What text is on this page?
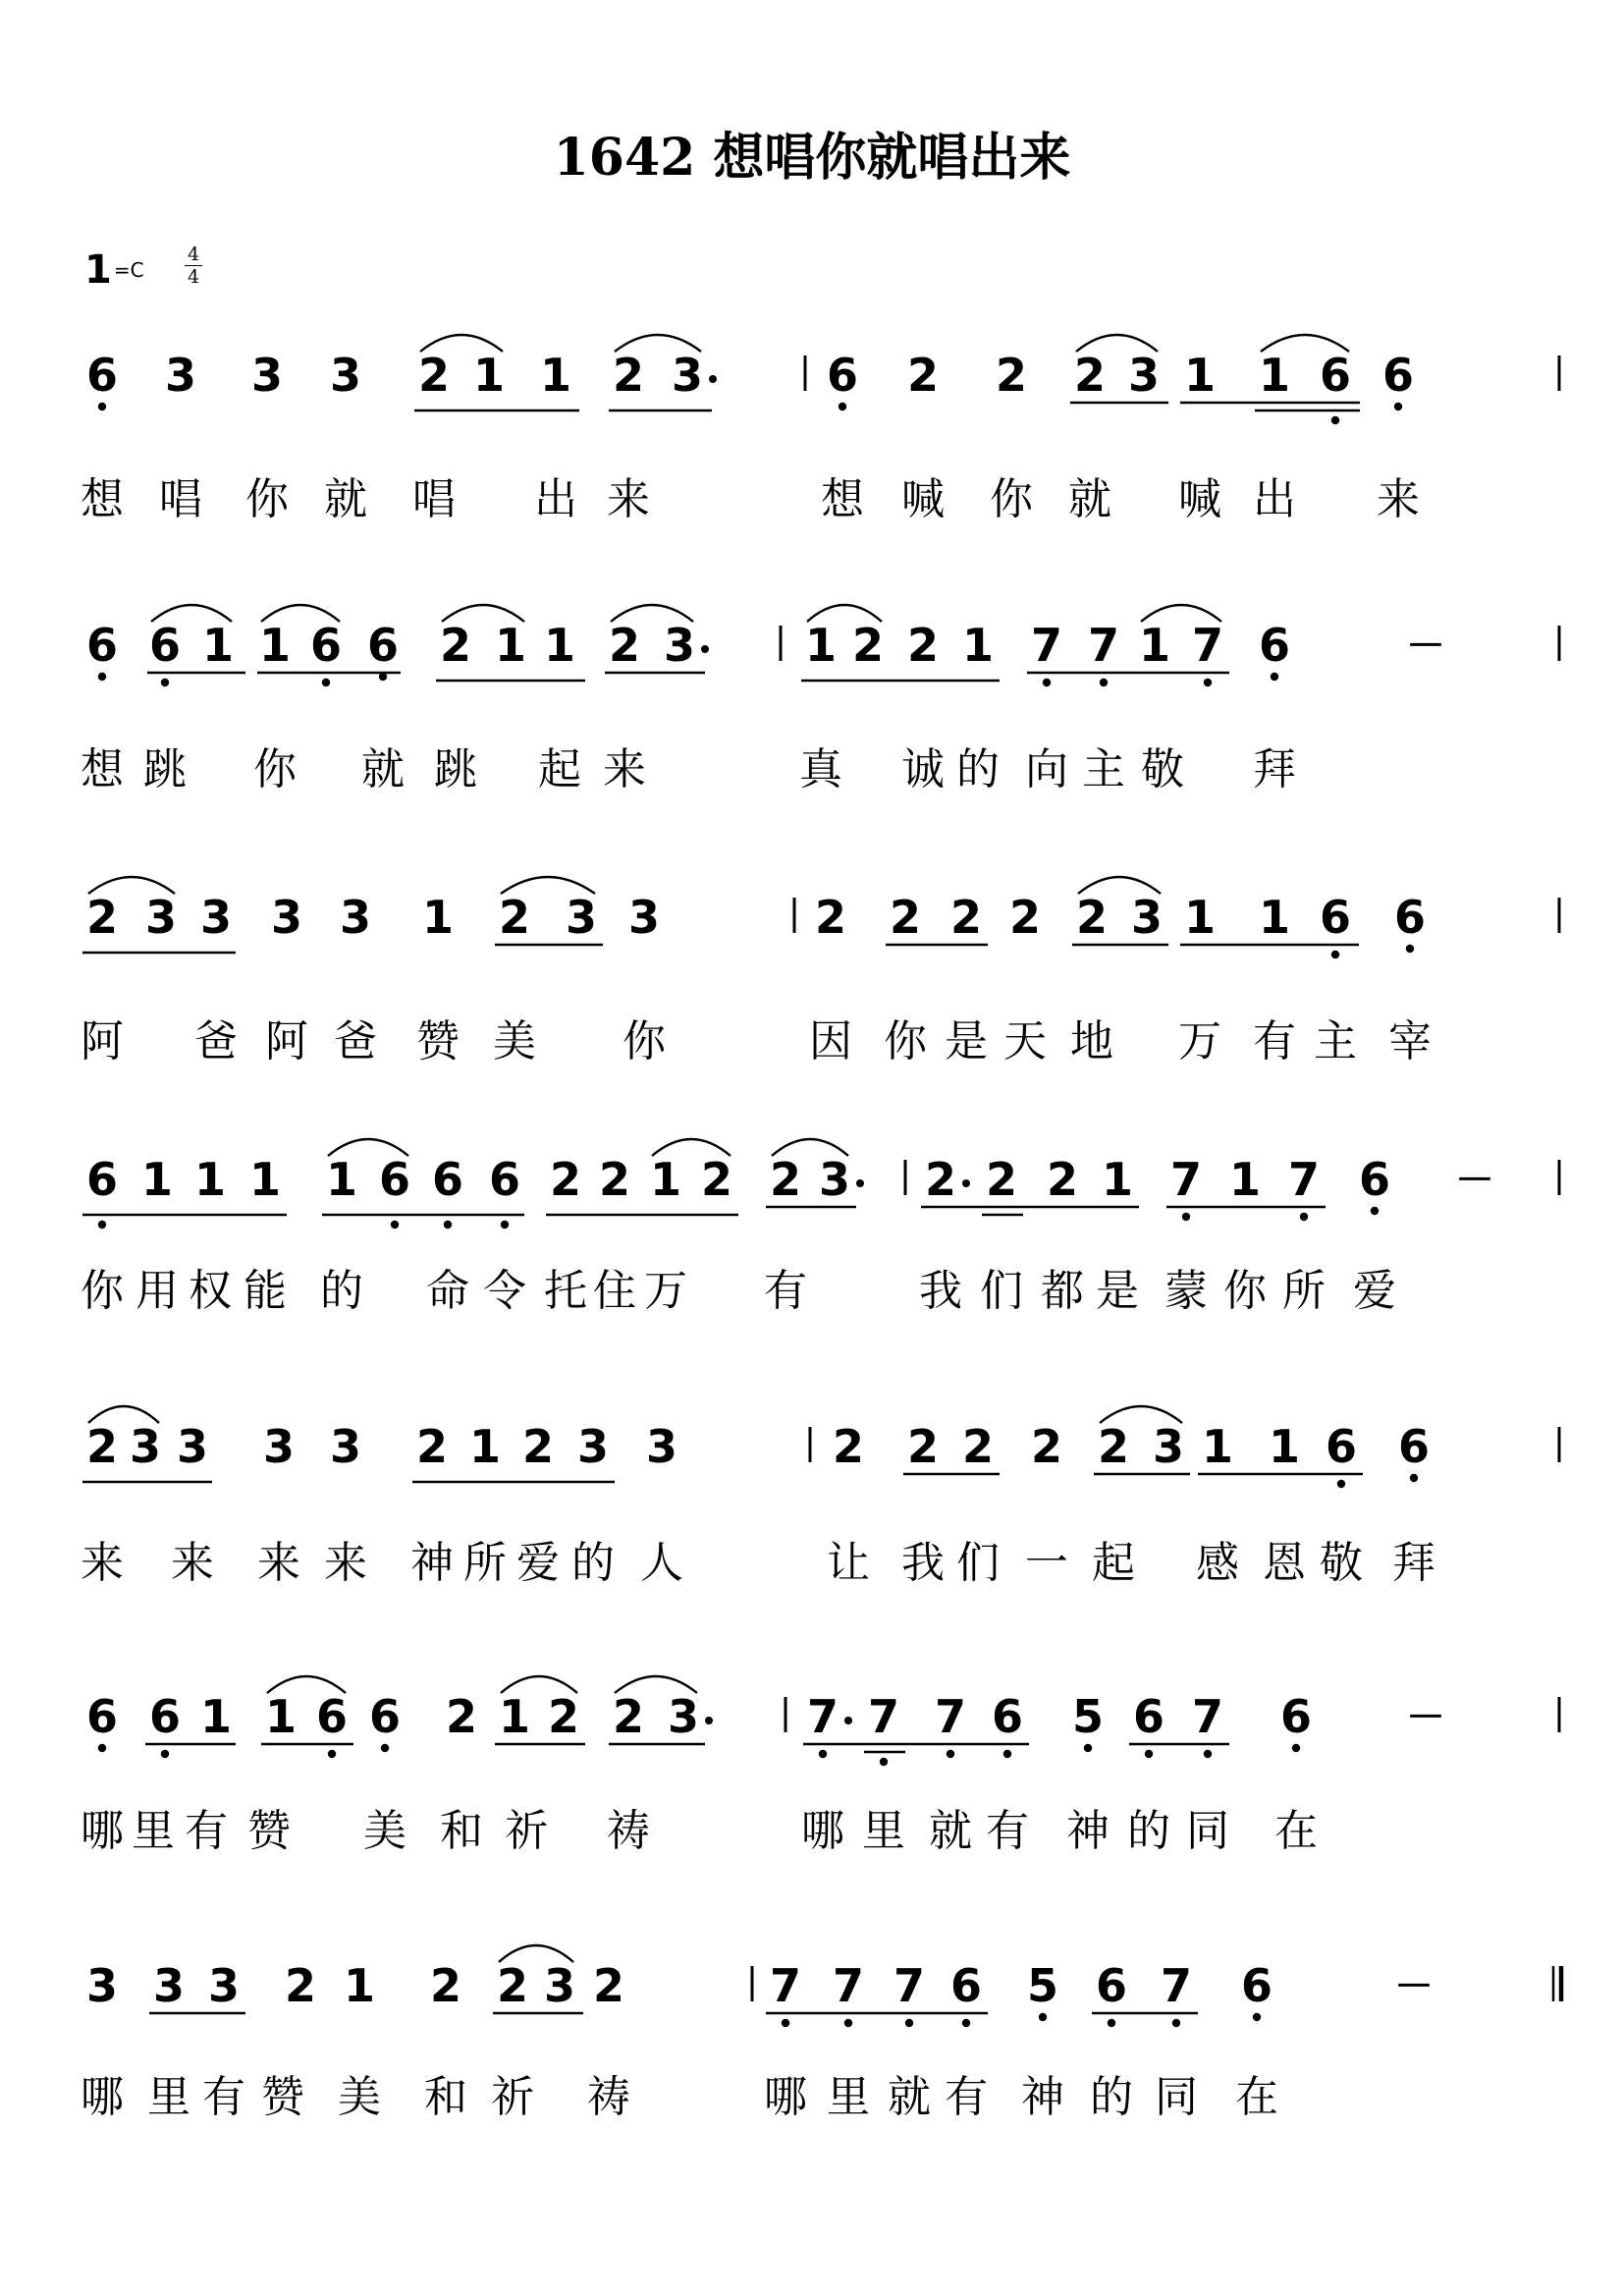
1642 想唱你就唱出来
1 =C
4
4
6 3 3 3 2 1 1 2 3	6 2 2 2 3 1 1 6 6
想 唱 你 就 唱 出 来	想 喊 你 就 喊 出 来
6 6 1 1 6 6 2 1 1 2 3 1 2 2 1 7 7 1 7 6	－
想 跳 你 就 跳 起 来	真 诚 的 向 主 敬 拜
2 3 3 3 3 1 2 3 3	2 2 2 2 2 3 1 1 6 6
阿 爸 阿 爸 赞 美 你	因 你 是 天 地 万 有 主 宰
6 1 1 1 1 6 6 6 2 2 1 2 2 3 2 2 2 1 7 1 7 6 －
你 用 权 能 的 命 令 托 住 万 有	我 们 都 是 蒙 你 所 爱
2 3 3 3 3 2 1 2 3 3	2 2 2 2 2 3 1 1 6 6
来 来 来 来 神 所 爱 的 人	让 我 们 一 起 感 恩 敬 拜
6 6 1 1 6 6 2 1 2 2 3 7 7 7 6 5 6 7 6 －
哪 里 有 赞 美 和 祈 祷	哪 里 就 有 神 的 同 在
3 3 3 2 1 2 2 3 2	7 7 7 6 5 6 7 6	－
哪 里 有 赞 美 和 祈 祷	哪 里 就 有 神 的 同 在
